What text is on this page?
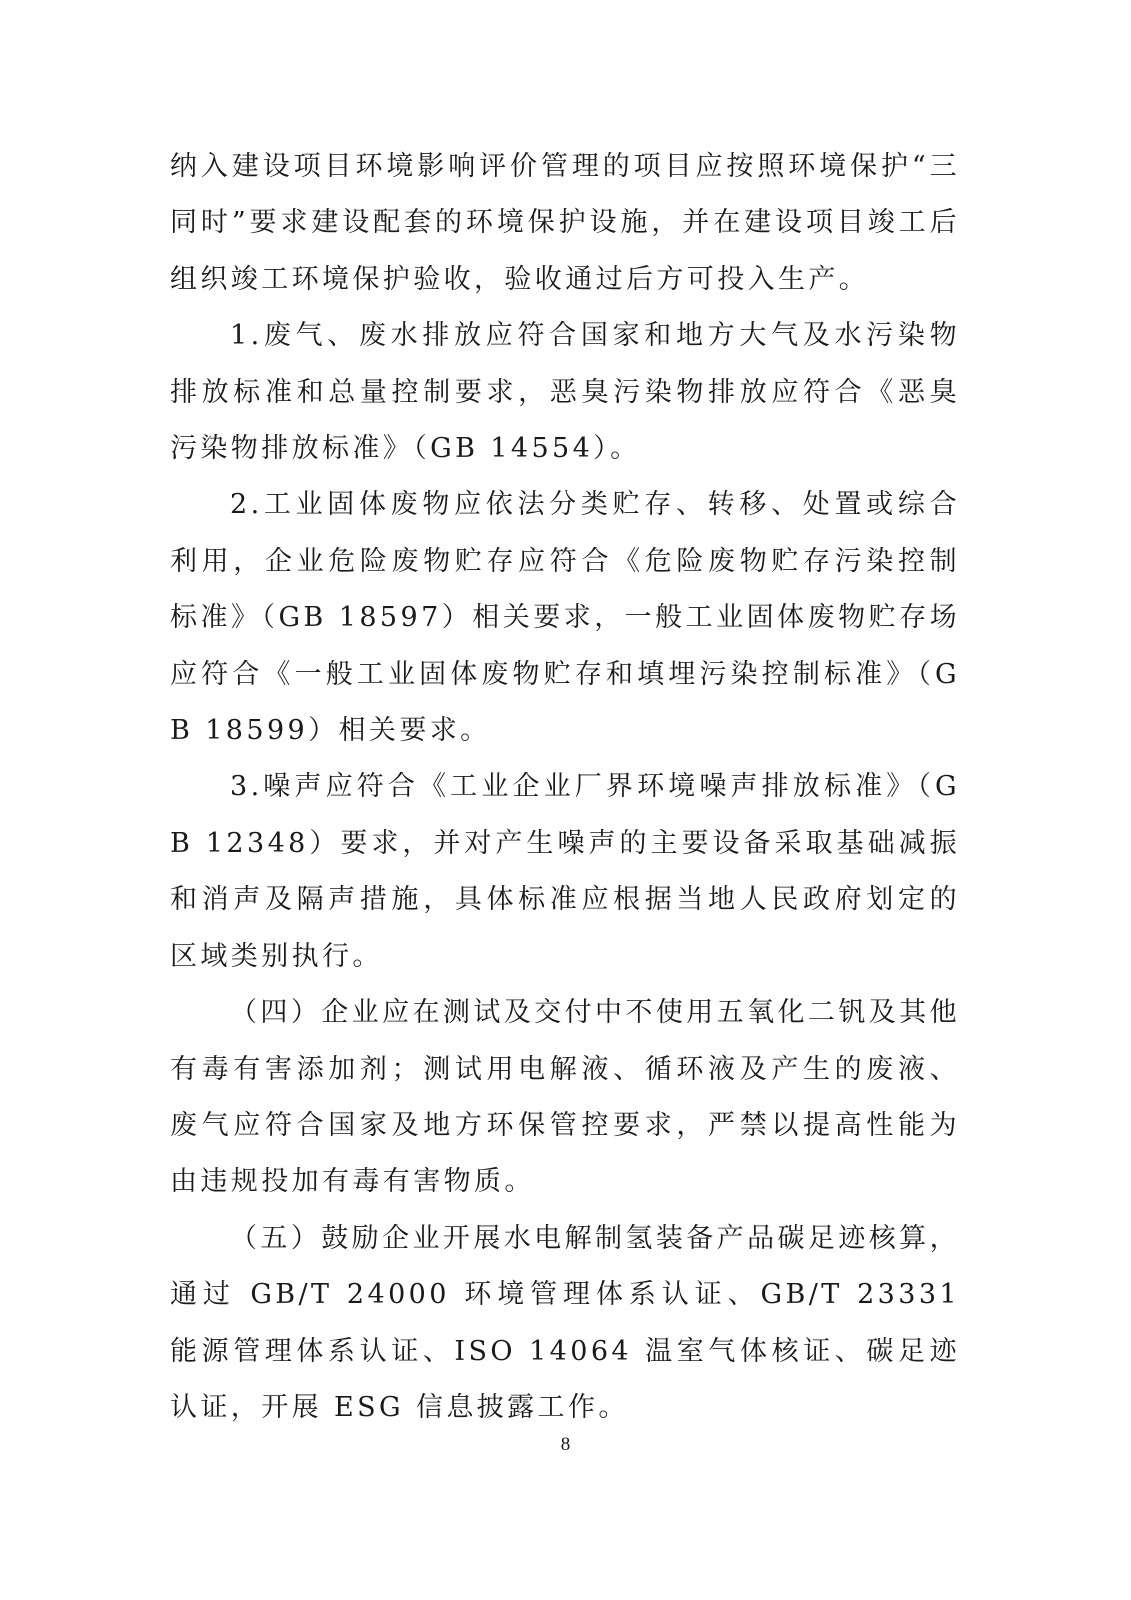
纳入建设项目环境影响评价管理的项目应按照环境保护“三同时”要求建设配套的环境保护设施，并在建设项目竣工后组织竣工环境保护验收，验收通过后方可投入生产。

1.废气、废水排放应符合国家和地方大气及水污染物排放标准和总量控制要求，恶臭污染物排放应符合《恶臭污染物排放标准》（GB 14554）。

2.工业固体废物应依法分类贮存、转移、处置或综合利用，企业危险废物贮存应符合《危险废物贮存污染控制标准》（GB 18597）相关要求，一般工业固体废物贮存场应符合《一般工业固体废物贮存和填埋污染控制标准》（GB 18599）相关要求。

3.噪声应符合《工业企业厂界环境噪声排放标准》（GB 12348）要求，并对产生噪声的主要设备采取基础减振和消声及隔声措施，具体标准应根据当地人民政府划定的区域类别执行。

（四）企业应在测试及交付中不使用五氧化二钒及其他有毒有害添加剂；测试用电解液、循环液及产生的废液、废气应符合国家及地方环保管控要求，严禁以提高性能为由违规投加有毒有害物质。

（五）鼓励企业开展水电解制氢装备产品碳足迹核算，通过 GB/T 24000 环境管理体系认证、GB/T 23331 能源管理体系认证、ISO 14064 温室气体核证、碳足迹认证，开展 ESG 信息披露工作。

8
